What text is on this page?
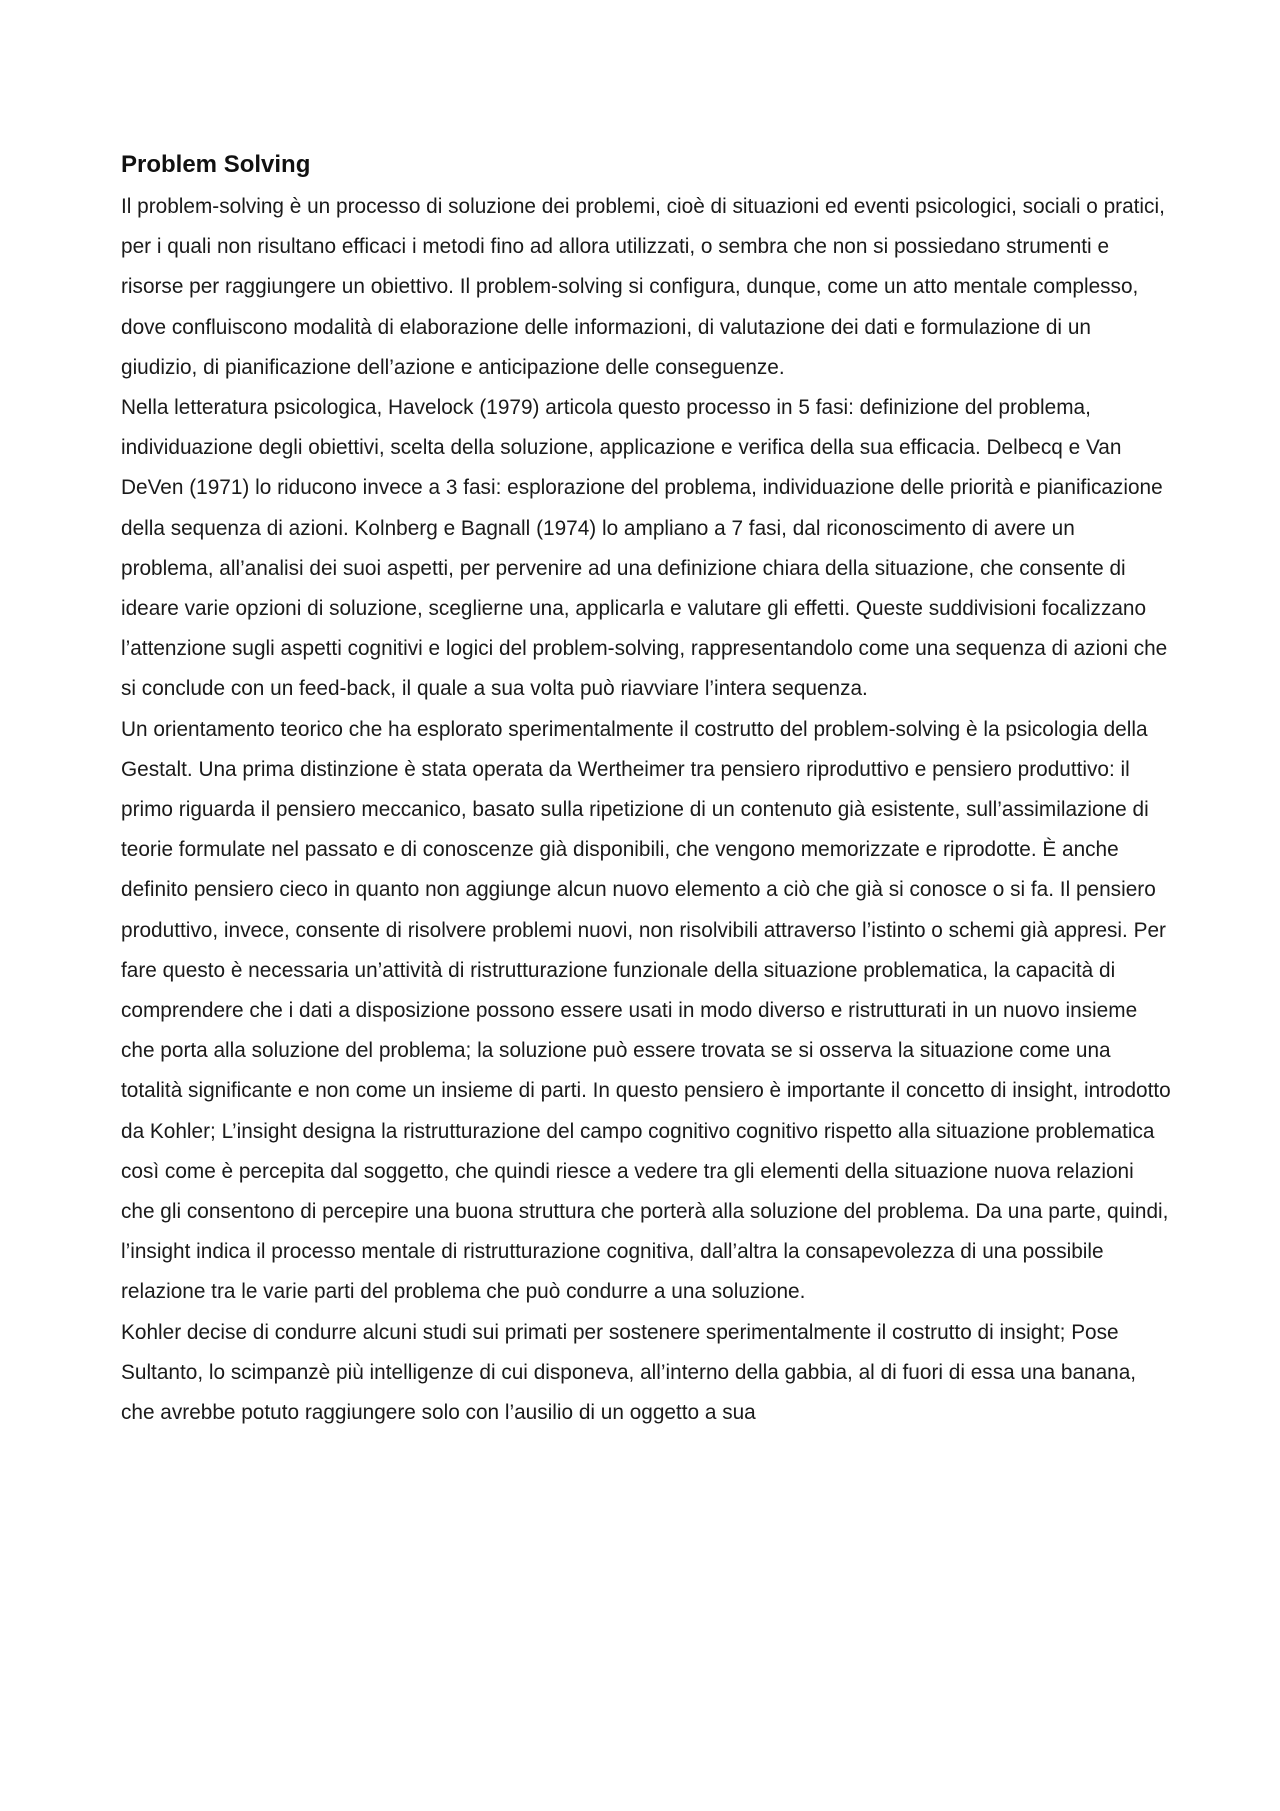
Problem Solving

Il problem-solving è un processo di soluzione dei problemi, cioè di situazioni ed eventi psicologici, sociali o pratici, per i quali non risultano efficaci i metodi fino ad allora utilizzati, o sembra che non si possiedano strumenti e risorse per raggiungere un obiettivo. Il problem-solving si configura, dunque, come un atto mentale complesso, dove confluiscono modalità di elaborazione delle informazioni, di valutazione dei dati e formulazione di un giudizio, di pianificazione dell’azione e anticipazione delle conseguenze.

Nella letteratura psicologica, Havelock (1979) articola questo processo in 5 fasi: definizione del problema, individuazione degli obiettivi, scelta della soluzione, applicazione e verifica della sua efficacia. Delbecq e Van DeVen (1971) lo riducono invece a 3 fasi: esplorazione del problema, individuazione delle priorità e pianificazione della sequenza di azioni. Kolnberg e Bagnall (1974) lo ampliano a 7 fasi, dal riconoscimento di avere un problema, all’analisi dei suoi aspetti, per pervenire ad una definizione chiara della situazione, che consente di ideare varie opzioni di soluzione, sceglierne una, applicarla e valutare gli effetti. Queste suddivisioni focalizzano l’attenzione sugli aspetti cognitivi e logici del problem-solving, rappresentandolo come una sequenza di azioni che si conclude con un feed-back, il quale a sua volta può riavviare l’intera sequenza.

Un orientamento teorico che ha esplorato sperimentalmente il costrutto del problem-solving è la psicologia della Gestalt. Una prima distinzione è stata operata da Wertheimer tra pensiero riproduttivo e pensiero produttivo: il primo riguarda il pensiero meccanico, basato sulla ripetizione di un contenuto già esistente, sull’assimilazione di teorie formulate nel passato e di conoscenze già disponibili, che vengono memorizzate e riprodotte. È anche definito pensiero cieco in quanto non aggiunge alcun nuovo elemento a ciò che già si conosce o si fa. Il pensiero produttivo, invece, consente di risolvere problemi nuovi, non risolvibili attraverso l’istinto o schemi già appresi. Per fare questo è necessaria un’attività di ristrutturazione funzionale della situazione problematica, la capacità di comprendere che i dati a disposizione possono essere usati in modo diverso e ristrutturati in un nuovo insieme che porta alla soluzione del problema; la soluzione può essere trovata se si osserva la situazione come una totalità significante e non come un insieme di parti. In questo pensiero è importante il concetto di insight, introdotto da Kohler; L’insight designa la ristrutturazione del campo cognitivo cognitivo rispetto alla situazione problematica così come è percepita dal soggetto, che quindi riesce a vedere tra gli elementi della situazione nuova relazioni che gli consentono di percepire una buona struttura che porterà alla soluzione del problema. Da una parte, quindi, l’insight indica il processo mentale di ristrutturazione cognitiva, dall’altra la consapevolezza di una possibile relazione tra le varie parti del problema che può condurre a una soluzione.

Kohler decise di condurre alcuni studi sui primati per sostenere sperimentalmente il costrutto di insight; Pose Sultanto, lo scimpanzè più intelligenze di cui disponeva, all’interno della gabbia, al di fuori di essa una banana, che avrebbe potuto raggiungere solo con l’ausilio di un oggetto a sua
